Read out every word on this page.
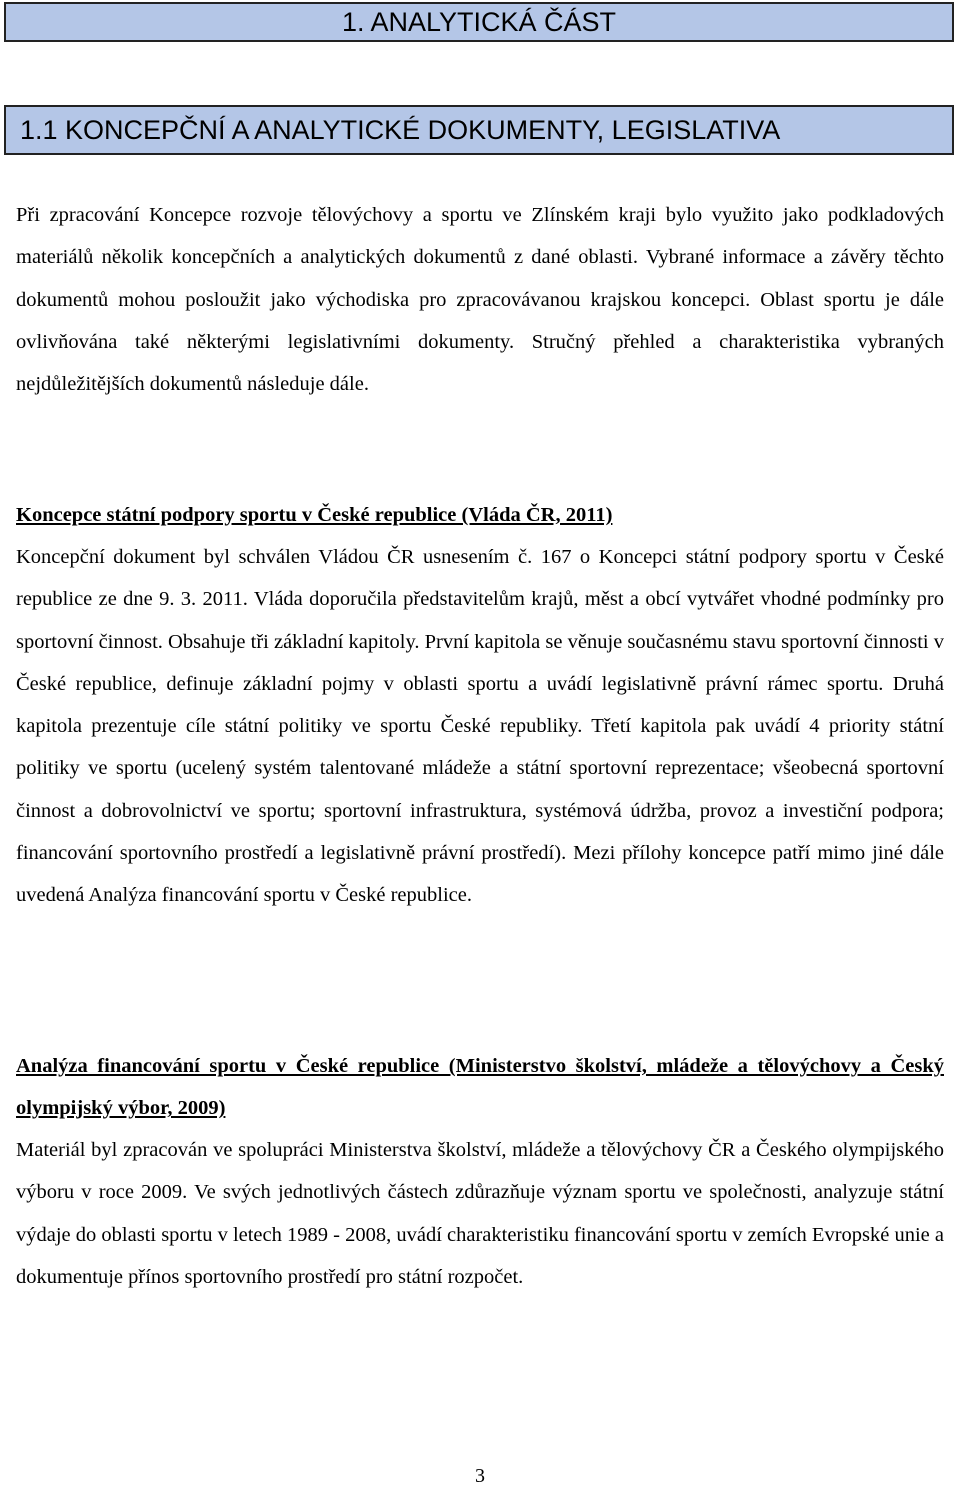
1. ANALYTICKÁ ČÁST
1.1 KONCEPČNÍ A ANALYTICKÉ DOKUMENTY, LEGISLATIVA

Při zpracování Koncepce rozvoje tělovýchovy a sportu ve Zlínském kraji bylo využito jako podkladových materiálů několik koncepčních a analytických dokumentů z dané oblasti. Vybrané informace a závěry těchto dokumentů mohou posloužit jako východiska pro zpracovávanou krajskou koncepci. Oblast sportu je dále ovlivňována také některými legislativními dokumenty. Stručný přehled a charakteristika vybraných nejdůležitějších dokumentů následuje dále.

Koncepce státní podpory sportu v České republice (Vláda ČR, 2011)

Koncepční dokument byl schválen Vládou ČR usnesením č. 167 o Koncepci státní podpory sportu v České republice ze dne 9. 3. 2011. Vláda doporučila představitelům krajů, měst a obcí vytvářet vhodné podmínky pro sportovní činnost. Obsahuje tři základní kapitoly. První kapitola se věnuje současnému stavu sportovní činnosti v České republice, definuje základní pojmy v oblasti sportu a uvádí legislativně právní rámec sportu. Druhá kapitola prezentuje cíle státní politiky ve sportu České republiky. Třetí kapitola pak uvádí 4 priority státní politiky ve sportu (ucelený systém talentované mládeže a státní sportovní reprezentace; všeobecná sportovní činnost a dobrovolnictví ve sportu; sportovní infrastruktura, systémová údržba, provoz a investiční podpora; financování sportovního prostředí a legislativně právní prostředí). Mezi přílohy koncepce patří mimo jiné dále uvedená Analýza financování sportu v České republice.

Analýza financování sportu v České republice (Ministerstvo školství, mládeže a tělovýchovy a Český olympijský výbor, 2009)

Materiál byl zpracován ve spolupráci Ministerstva školství, mládeže a tělovýchovy ČR a Českého olympijského výboru v roce 2009. Ve svých jednotlivých částech zdůrazňuje význam sportu ve společnosti, analyzuje státní výdaje do oblasti sportu v letech 1989 - 2008, uvádí charakteristiku financování sportu v zemích Evropské unie a dokumentuje přínos sportovního prostředí pro státní rozpočet.

3
